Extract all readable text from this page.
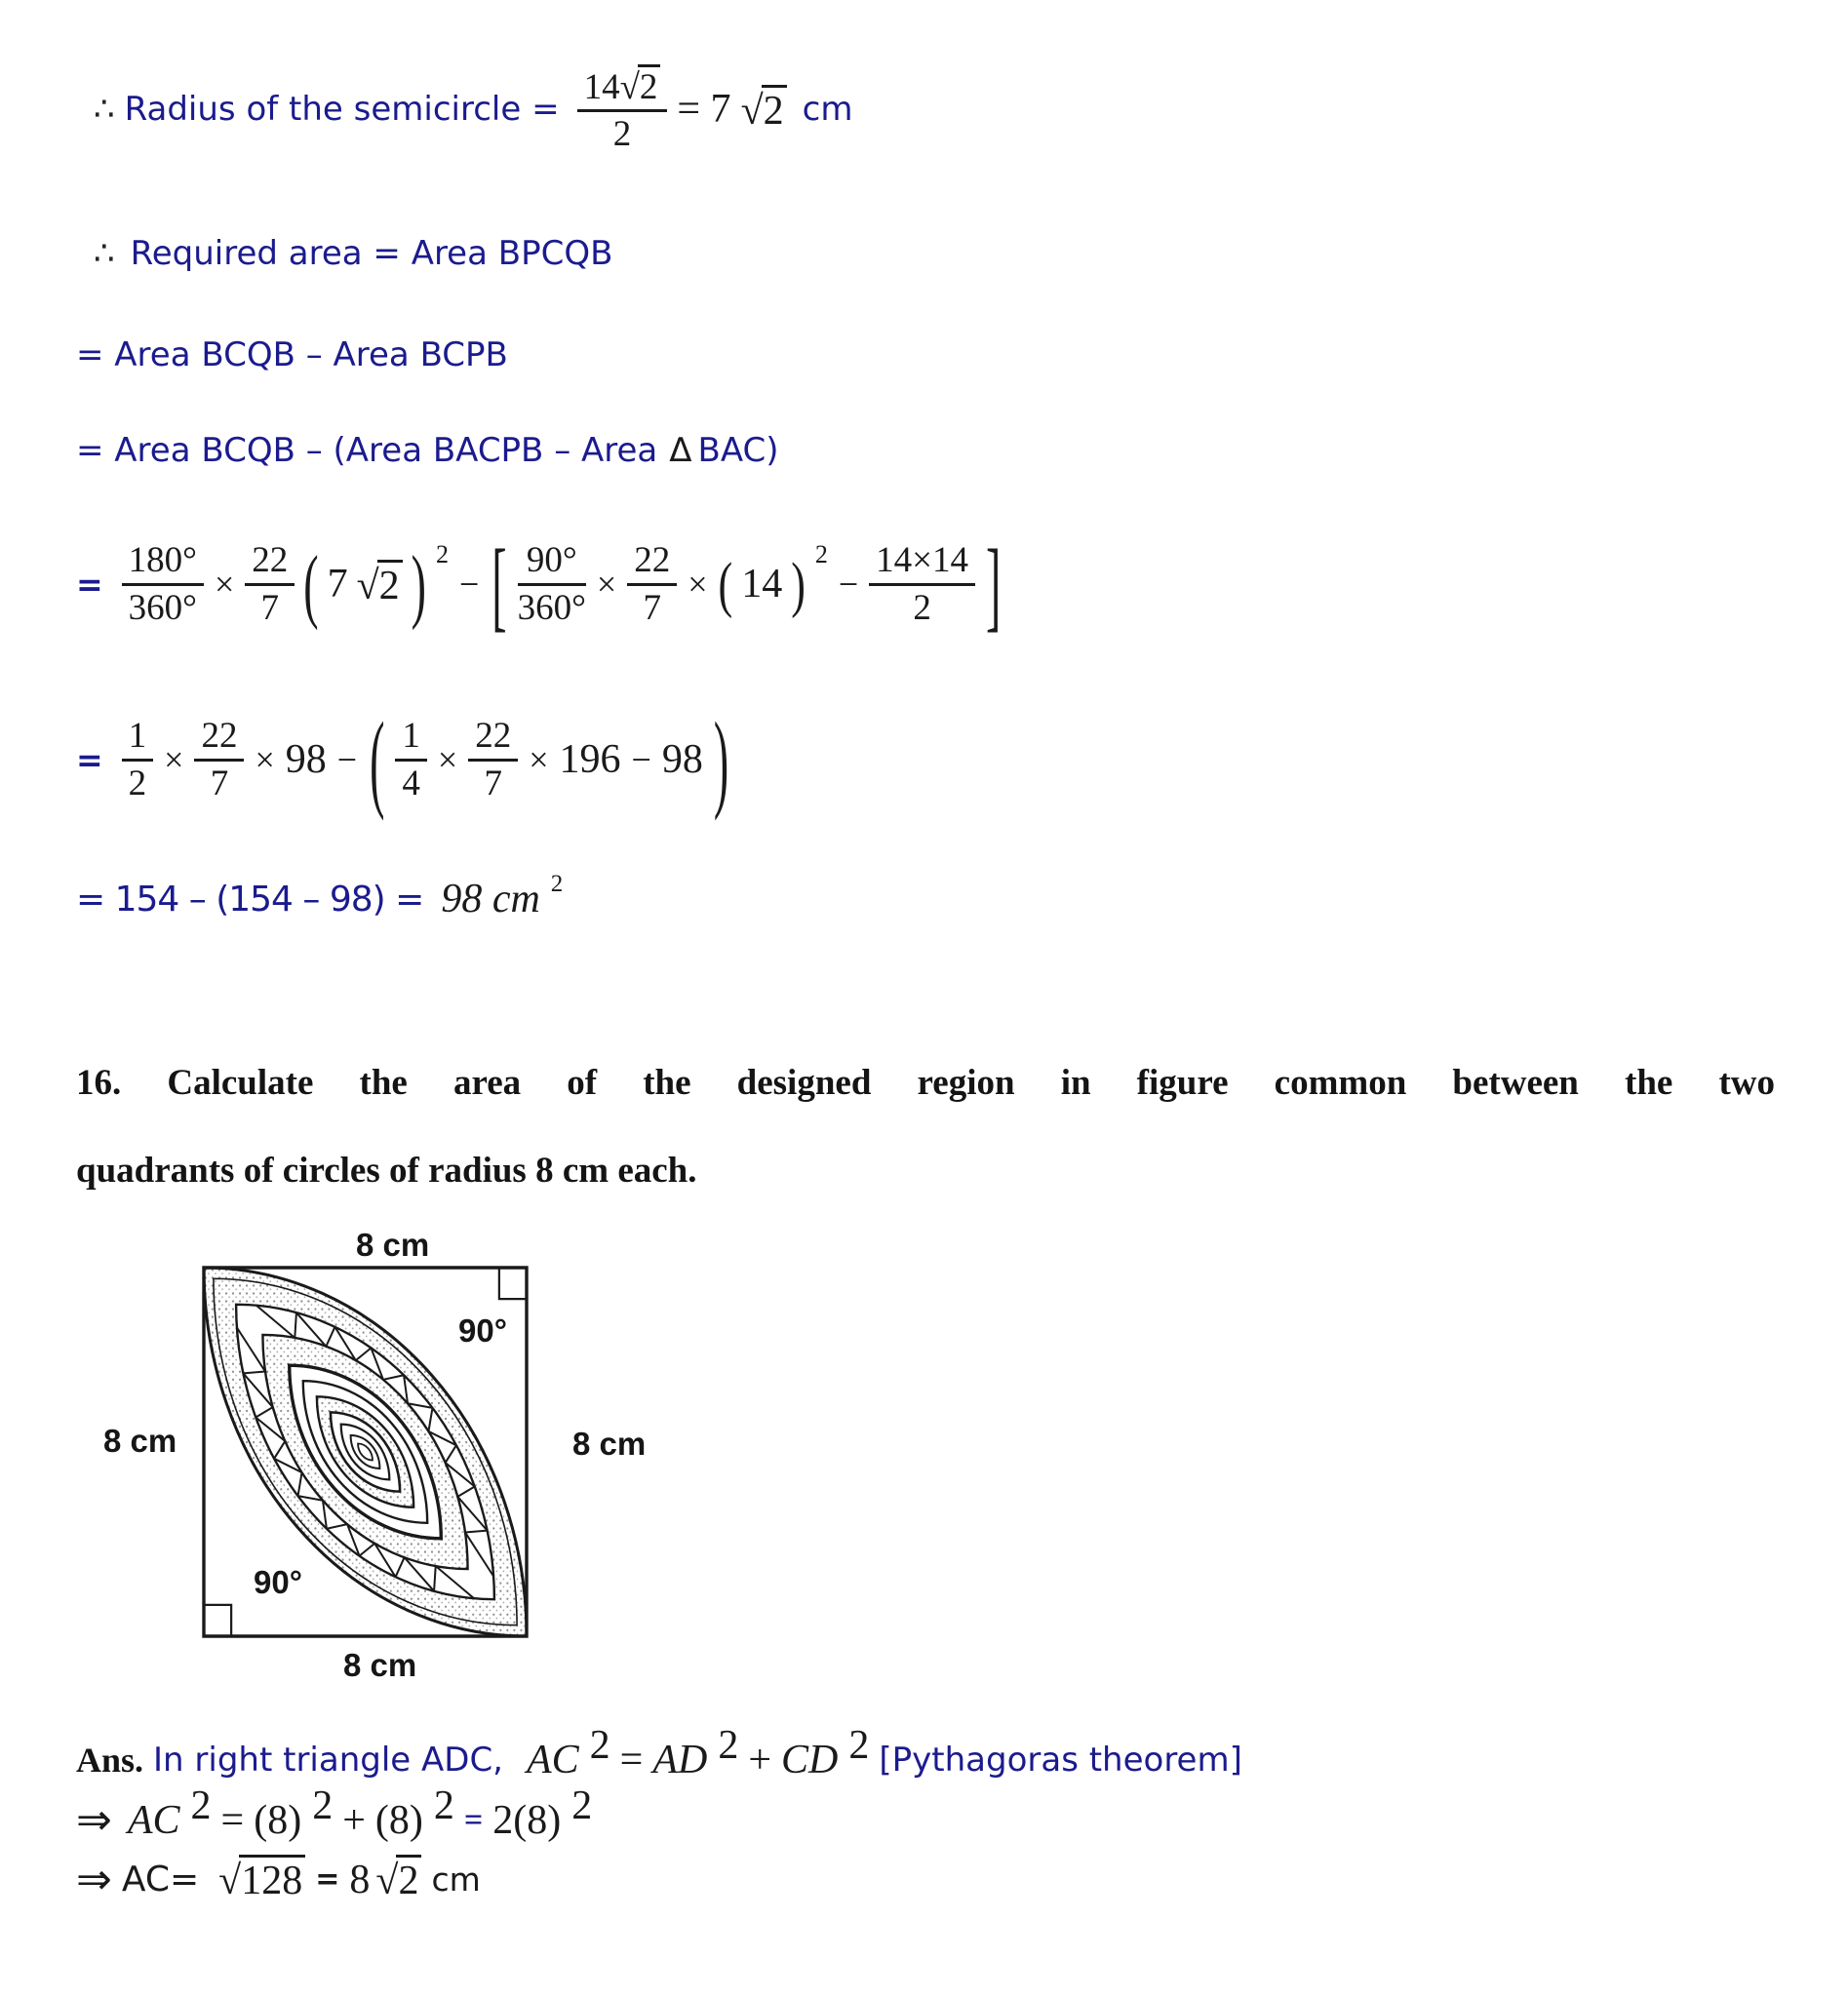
∴ Radius of the semicircle = $\frac{14√2}{2} = 7$ √2 cm
∴ Required area = Area BPCQB
= Area BCQB – Area BCPB
= Area BCQB – (Area BACPB – Area Δ BAC)
= $\frac{180^\circ}{360^\circ} \times \frac{22}{7}$ ( 7 √2 ) 2
− [ $\frac{90^\circ}{360^\circ} \times \frac{22}{7}$ × ( 14 ) 2
− $\frac{14\times 14}{2}$ ]
= $\frac{1}{2} \times \frac{22}{7} \times 98$ − ( $\frac{1}{4} \times \frac{22}{7} \times 196 - 98$ )
= 154 – (154 – 98) = 98 cm 2
16. Calculate the area of the designed region in figure common between the two
quadrants of circles of radius 8 cm each.
8 cm
8 cm	8 cm
8 cm
90°
90°
Ans. In right triangle ADC, AC 2 = AD 2 + CD 2 [Pythagoras theorem]
⇒ AC 2 = (8) 2 + (8) 2 = 2(8) 2
⇒ AC= √128 = 8 √2 cm
